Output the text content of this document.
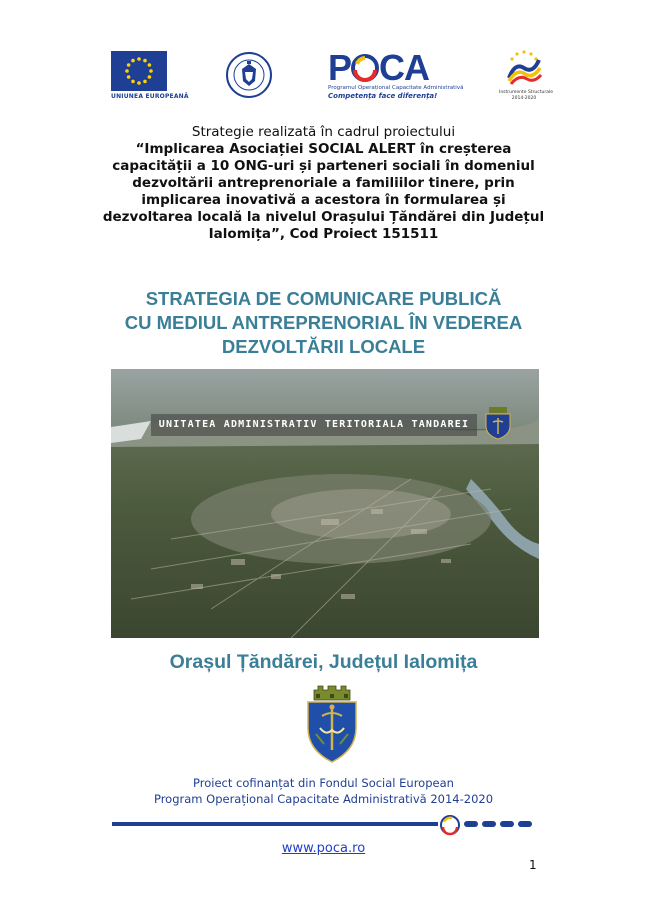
UNIUNEA EUROPEANĂ
P CA
Programul Operațional Capacitate Administrativă
Competența face diferența!	Instrumente Structurale
2014-2020
Strategie realizată în cadrul proiectului
“Implicarea Asociației SOCIAL ALERT în creșterea capacității a 10 ONG-uri și parteneri sociali în domeniul dezvoltării antreprenoriale a familiilor tinere, prin implicarea inovativă a acestora în formularea și dezvoltarea locală la nivelul Orașului Țăndărei din Județul Ialomița”, Cod Proiect 151511
STRATEGIA DE COMUNICARE PUBLICĂ
CU MEDIUL ANTREPRENORIAL ÎN VEDEREA
DEZVOLTĂRII LOCALE
UNITATEA ADMINISTRATIV TERITORIALA TANDAREI
Orașul Țăndărei, Județul Ialomița
Proiect cofinanțat din Fondul Social European
Program Operațional Capacitate Administrativă 2014-2020
www.poca.ro
1
